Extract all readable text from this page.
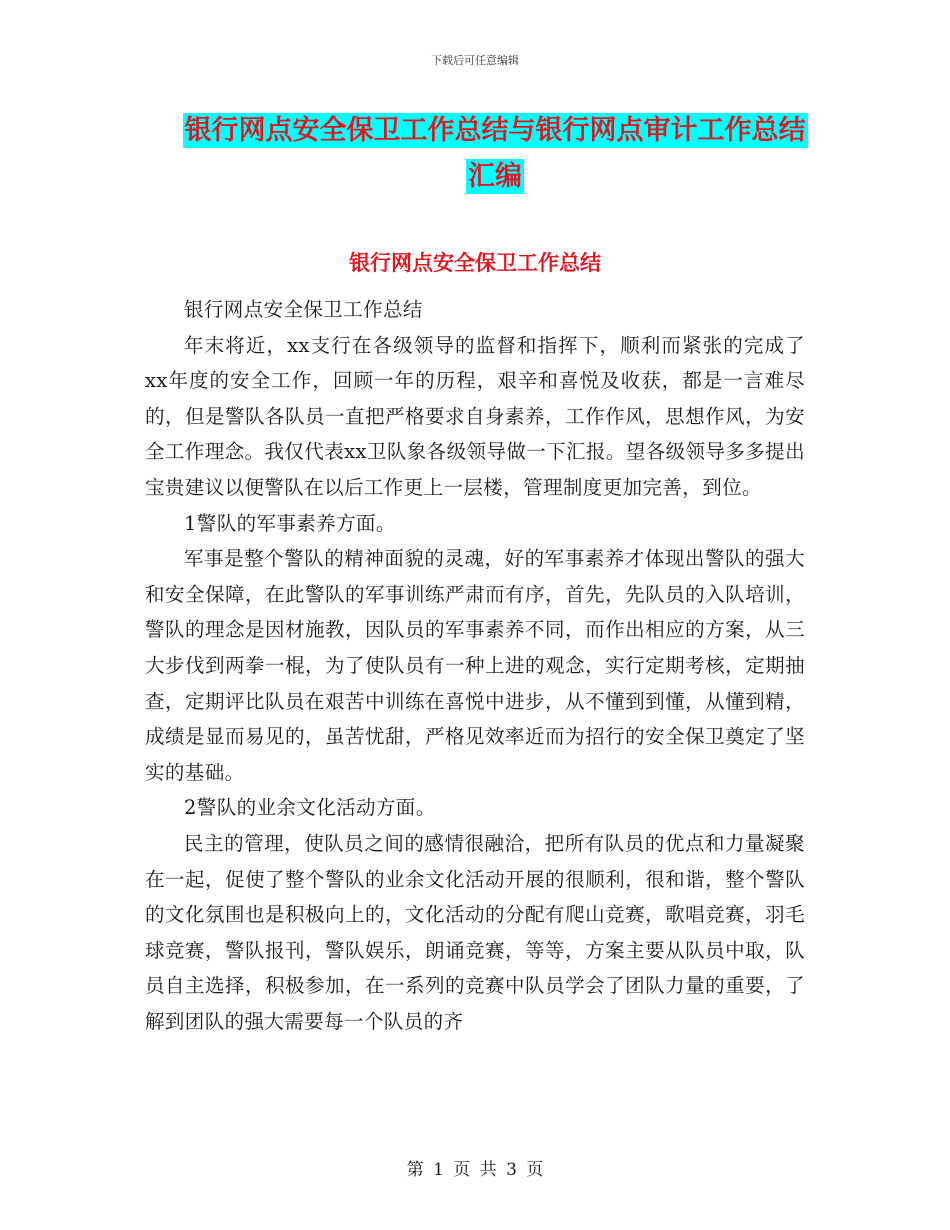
下载后可任意编辑
银行网点安全保卫工作总结与银行网点审计工作总结
汇编
银行网点安全保卫工作总结

银行网点安全保卫工作总结

年末将近，xx支行在各级领导的监督和指挥下，顺利而紧张的完成了xx年度的安全工作，回顾一年的历程，艰辛和喜悦及收获，都是一言难尽的，但是警队各队员一直把严格要求自身素养，工作作风，思想作风，为安全工作理念。我仅代表xx卫队象各级领导做一下汇报。望各级领导多多提出宝贵建议以便警队在以后工作更上一层楼，管理制度更加完善，到位。

1警队的军事素养方面。

军事是整个警队的精神面貌的灵魂，好的军事素养才体现出警队的强大和安全保障，在此警队的军事训练严肃而有序，首先，先队员的入队培训，警队的理念是因材施教，因队员的军事素养不同，而作出相应的方案，从三大步伐到两拳一棍，为了使队员有一种上进的观念，实行定期考核，定期抽查，定期评比队员在艰苦中训练在喜悦中进步，从不懂到到懂，从懂到精，成绩是显而易见的，虽苦忧甜，严格见效率近而为招行的安全保卫奠定了坚实的基础。

2警队的业余文化活动方面。

民主的管理，使队员之间的感情很融洽，把所有队员的优点和力量凝聚在一起，促使了整个警队的业余文化活动开展的很顺利，很和谐，整个警队的文化氛围也是积极向上的，文化活动的分配有爬山竞赛，歌唱竞赛，羽毛球竞赛，警队报刊，警队娱乐，朗诵竞赛，等等，方案主要从队员中取，队员自主选择，积极参加，在一系列的竞赛中队员学会了团队力量的重要，了解到团队的强大需要每一个队员的齐

第 1 页 共 3 页
